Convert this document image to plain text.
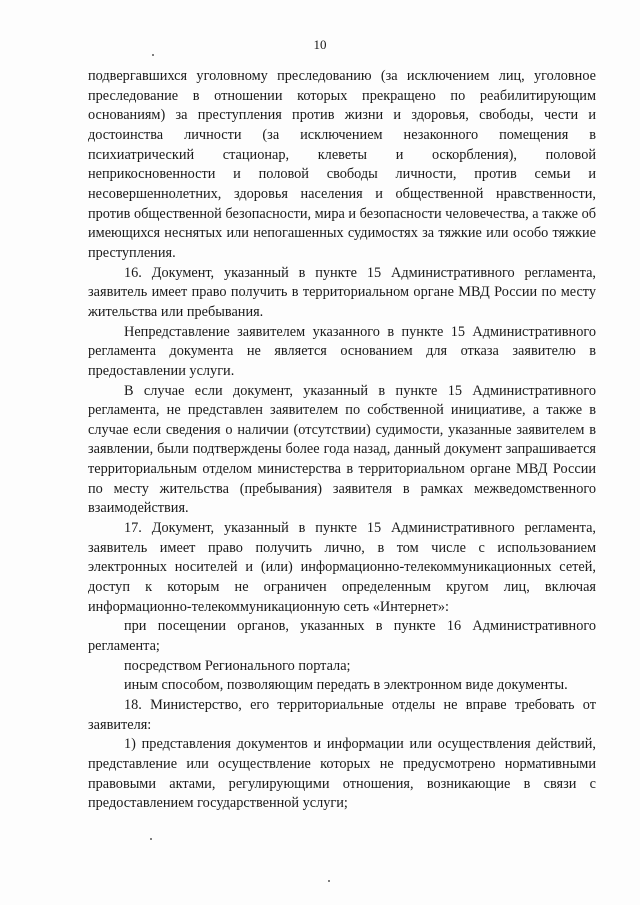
10

подвергавшихся уголовному преследованию (за исключением лиц, уголовное преследование в отношении которых прекращено по реабилитирующим основаниям) за преступления против жизни и здоровья, свободы, чести и достоинства личности (за исключением незаконного помещения в психиатрический стационар, клеветы и оскорбления), половой неприкосновенности и половой свободы личности, против семьи и несовершеннолетних, здоровья населения и общественной нравственности, против общественной безопасности, мира и безопасности человечества, а также об имеющихся неснятых или непогашенных судимостях за тяжкие или особо тяжкие преступления.

16. Документ, указанный в пункте 15 Административного регламента, заявитель имеет право получить в территориальном органе МВД России по месту жительства или пребывания.

Непредставление заявителем указанного в пункте 15 Административного регламента документа не является основанием для отказа заявителю в предоставлении услуги.

В случае если документ, указанный в пункте 15 Административного регламента, не представлен заявителем по собственной инициативе, а также в случае если сведения о наличии (отсутствии) судимости, указанные заявителем в заявлении, были подтверждены более года назад, данный документ запрашивается территориальным отделом министерства в территориальном органе МВД России по месту жительства (пребывания) заявителя в рамках межведомственного взаимодействия.

17. Документ, указанный в пункте 15 Административного регламента, заявитель имеет право получить лично, в том числе с использованием электронных носителей и (или) информационно-телекоммуникационных сетей, доступ к которым не ограничен определенным кругом лиц, включая информационно-телекоммуникационную сеть «Интернет»:

при посещении органов, указанных в пункте 16 Административного регламента;

посредством Регионального портала;

иным способом, позволяющим передать в электронном виде документы.

18. Министерство, его территориальные отделы не вправе требовать от заявителя:

1) представления документов и информации или осуществления действий, представление или осуществление которых не предусмотрено нормативными правовыми актами, регулирующими отношения, возникающие в связи с предоставлением государственной услуги;
